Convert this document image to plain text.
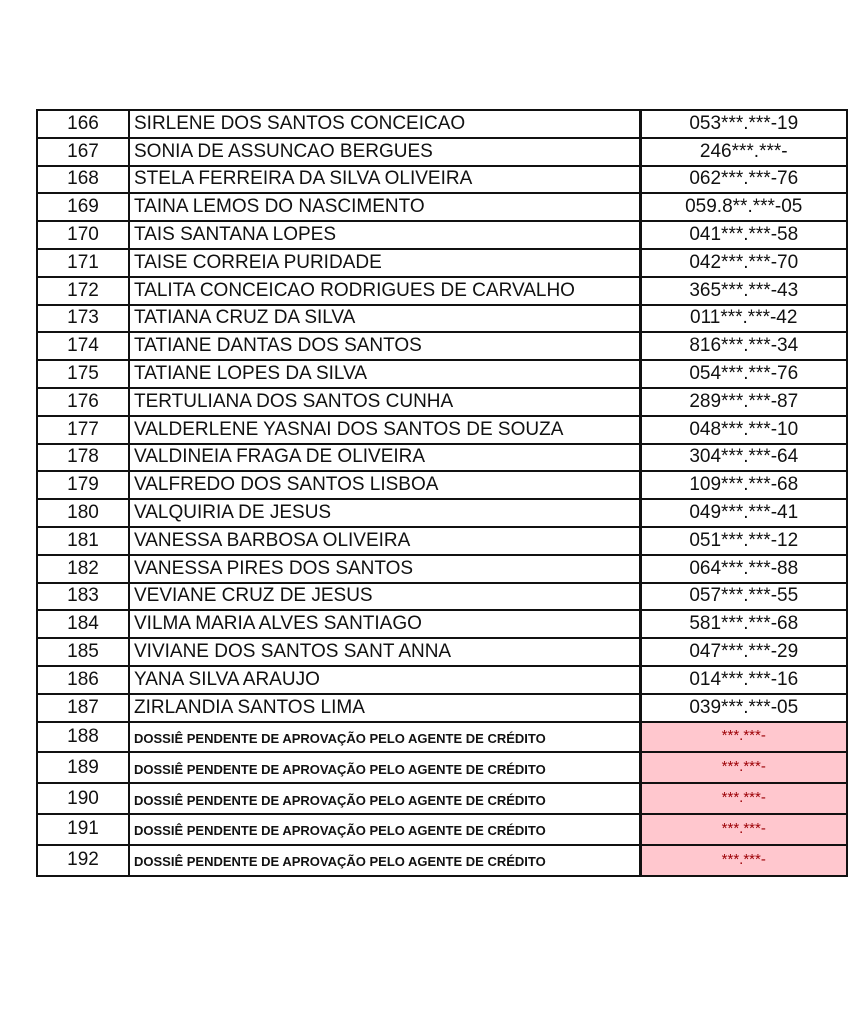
166	SIRLENE DOS SANTOS CONCEICAO	053***.***-19
167	SONIA DE ASSUNCAO BERGUES	246***.***-
168	STELA FERREIRA DA SILVA OLIVEIRA	062***.***-76
169	TAINA LEMOS DO NASCIMENTO	059.8**.***-05
170	TAIS SANTANA LOPES	041***.***-58
171	TAISE CORREIA PURIDADE	042***.***-70
172	TALITA CONCEICAO RODRIGUES DE CARVALHO	365***.***-43
173	TATIANA CRUZ DA SILVA	011***.***-42
174	TATIANE DANTAS DOS SANTOS	816***.***-34
175	TATIANE LOPES DA SILVA	054***.***-76
176	TERTULIANA DOS SANTOS CUNHA	289***.***-87
177	VALDERLENE YASNAI DOS SANTOS DE SOUZA	048***.***-10
178	VALDINEIA FRAGA DE OLIVEIRA	304***.***-64
179	VALFREDO DOS SANTOS LISBOA	109***.***-68
180	VALQUIRIA DE JESUS	049***.***-41
181	VANESSA BARBOSA OLIVEIRA	051***.***-12
182	VANESSA PIRES DOS SANTOS	064***.***-88
183	VEVIANE CRUZ DE JESUS	057***.***-55
184	VILMA MARIA ALVES SANTIAGO	581***.***-68
185	VIVIANE DOS SANTOS SANT ANNA	047***.***-29
186	YANA SILVA ARAUJO	014***.***-16
187	ZIRLANDIA SANTOS LIMA	039***.***-05
188	DOSSIÊ PENDENTE DE APROVAÇÃO PELO AGENTE DE CRÉDITO	***.***-
189	DOSSIÊ PENDENTE DE APROVAÇÃO PELO AGENTE DE CRÉDITO	***.***-
190	DOSSIÊ PENDENTE DE APROVAÇÃO PELO AGENTE DE CRÉDITO	***.***-
191	DOSSIÊ PENDENTE DE APROVAÇÃO PELO AGENTE DE CRÉDITO	***.***-
192	DOSSIÊ PENDENTE DE APROVAÇÃO PELO AGENTE DE CRÉDITO	***.***-
